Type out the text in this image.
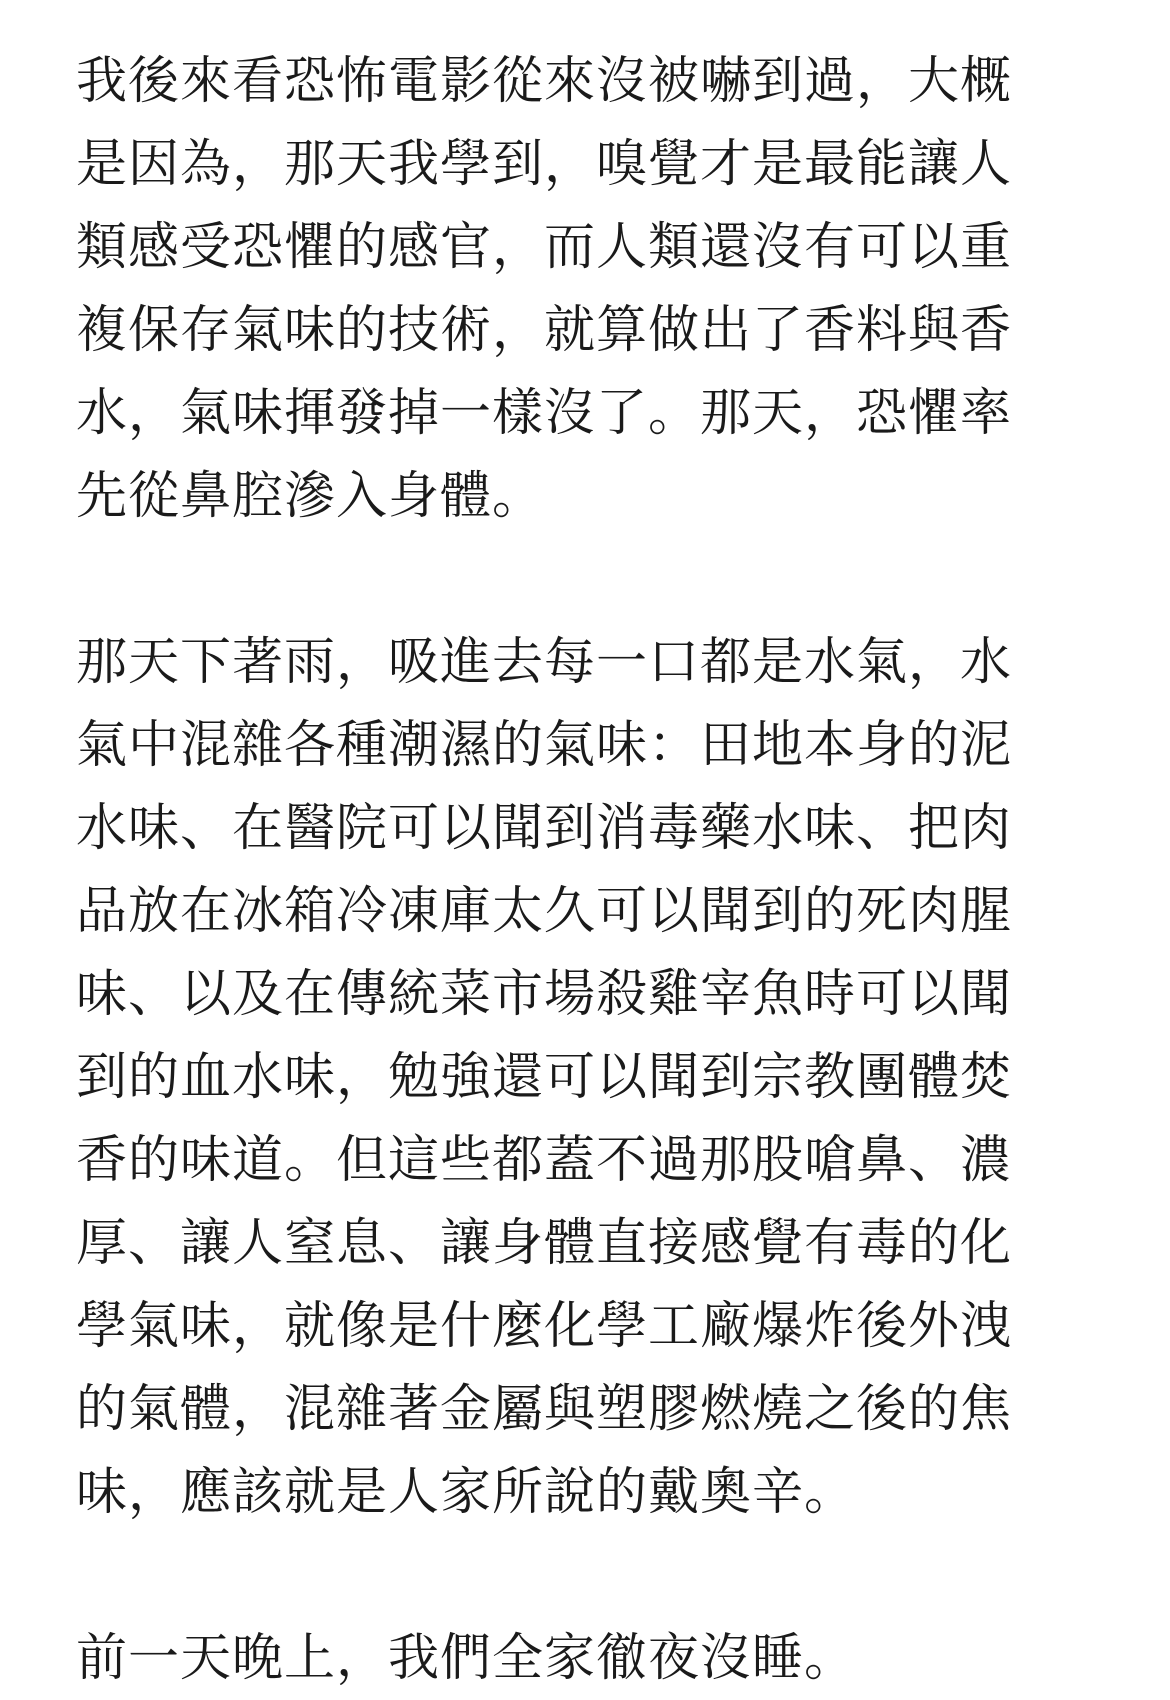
我後來看恐怖電影從來沒被嚇到過，大概
是因為，那天我學到，嗅覺才是最能讓人
類感受恐懼的感官，而人類還沒有可以重
複保存氣味的技術，就算做出了香料與香
水，氣味揮發掉一樣沒了。那天，恐懼率
先從鼻腔滲入身體。
那天下著雨，吸進去每一口都是水氣，水
氣中混雜各種潮濕的氣味：田地本身的泥
水味、在醫院可以聞到消毒藥水味、把肉
品放在冰箱冷凍庫太久可以聞到的死肉腥
味、以及在傳統菜市場殺雞宰魚時可以聞
到的血水味，勉強還可以聞到宗教團體焚
香的味道。但這些都蓋不過那股嗆鼻、濃
厚、讓人窒息、讓身體直接感覺有毒的化
學氣味，就像是什麼化學工廠爆炸後外洩
的氣體，混雜著金屬與塑膠燃燒之後的焦
味，應該就是人家所說的戴奧辛。
前一天晚上，我們全家徹夜沒睡。
